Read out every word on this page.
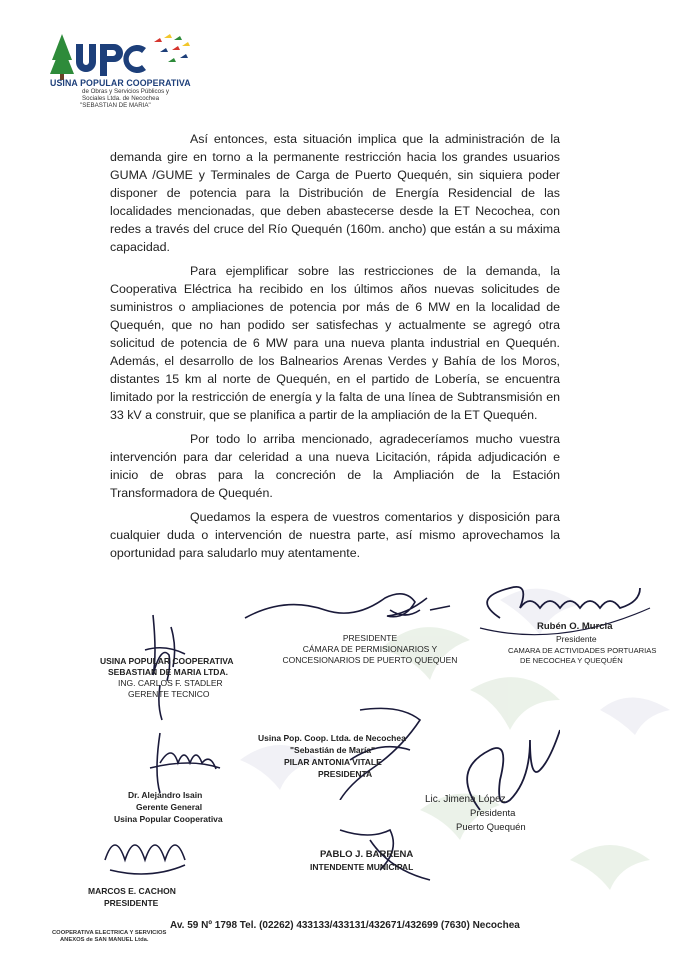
USINA POPULAR COOPERATIVA
de Obras y Servicios Públicos y
Sociales Ltda. de Necochea
"SEBASTIAN DE MARIA"

Así entonces, esta situación implica que la administración de la demanda gire en torno a la permanente restricción hacia los grandes usuarios GUMA /GUME y Terminales de Carga de Puerto Quequén, sin siquiera poder disponer de potencia para la Distribución de Energía Residencial de las localidades mencionadas, que deben abastecerse desde la ET Necochea, con redes a través del cruce del Río Quequén (160m. ancho) que están a su máxima capacidad.

Para ejemplificar sobre las restricciones de la demanda, la Cooperativa Eléctrica ha recibido en los últimos años nuevas solicitudes de suministros o ampliaciones de potencia por más de 6 MW en la localidad de Quequén, que no han podido ser satisfechas y actualmente se agregó otra solicitud de potencia de 6 MW para una nueva planta industrial en Quequén. Además, el desarrollo de los Balnearios Arenas Verdes y Bahía de los Moros, distantes 15 km al norte de Quequén, en el partido de Lobería, se encuentra limitado por la restricción de energía y la falta de una línea de Subtransmisión en 33 kV a construir, que se planifica a partir de la ampliación de la ET Quequén.

Por todo lo arriba mencionado, agradeceríamos mucho vuestra intervención para dar celeridad a una nueva Licitación, rápida adjudicación e inicio de obras para la concreción de la Ampliación de la Estación Transformadora de Quequén.

Quedamos la espera de vuestros comentarios y disposición para cualquier duda o intervención de nuestra parte, así mismo aprovechamos la oportunidad para saludarlo muy atentamente.

USINA POPULAR COOPERATIVA
SEBASTIAN DE MARIA LTDA.
ING. CARLOS F. STADLER
GERENTE TECNICO
PRESIDENTE
CÁMARA DE PERMISIONARIOS Y
CONCESIONARIOS DE PUERTO QUEQUEN
Rubén O. Murcia
Presidente
CAMARA DE ACTIVIDADES PORTUARIAS
DE NECOCHEA Y QUEQUÉN
Dr. Alejandro Isain
Gerente General
Usina Popular Cooperativa
Usina Pop. Coop. Ltda. de Necochea
"Sebastián de María"
PILAR ANTONIA VITALE
PRESIDENTA
Lic. Jimena López
Presidenta
Puerto Quequén
PABLO J. BARRENA
INTENDENTE MUNICIPAL
MARCOS E. CACHON
PRESIDENTE
COOPERATIVA ELECTRICA Y SERVICIOS
ANEXOS de SAN MANUEL Ltda.
Av. 59 Nº 1798 Tel. (02262) 433133/433131/432671/432699 (7630) Necochea
